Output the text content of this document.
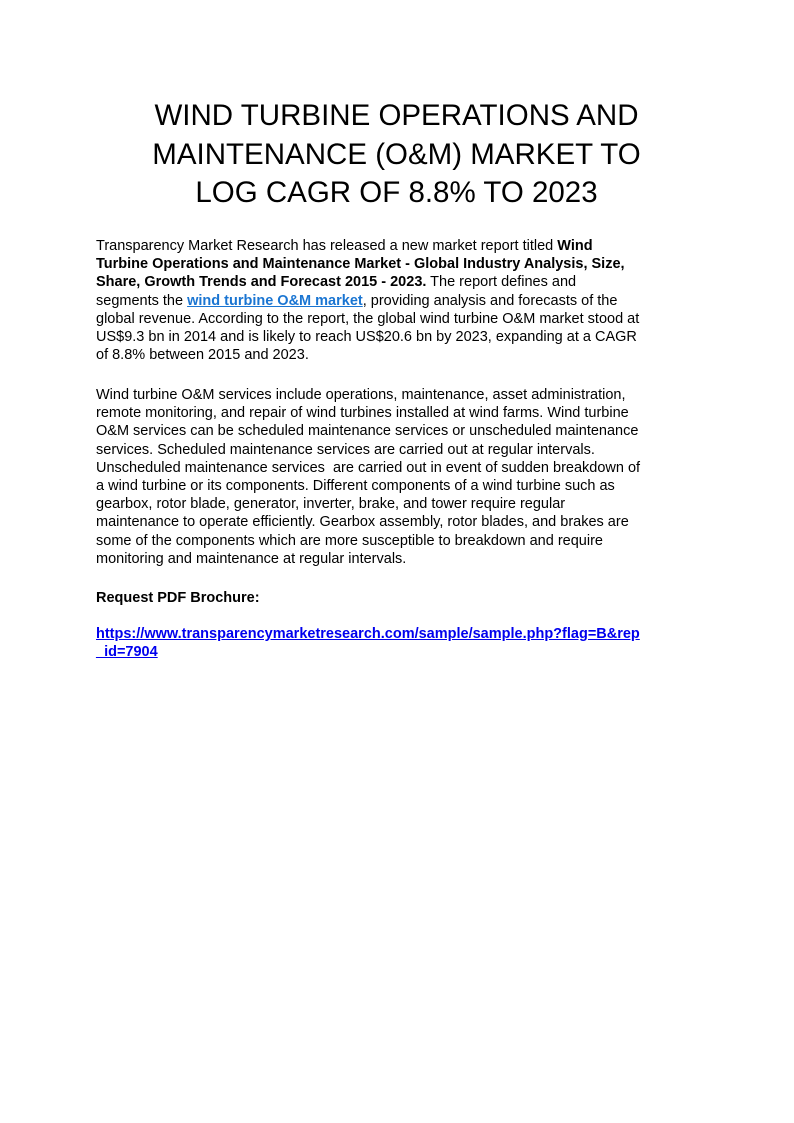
WIND TURBINE OPERATIONS AND
MAINTENANCE (O&M) MARKET TO
LOG CAGR OF 8.8% TO 2023

Transparency Market Research has released a new market report titled Wind
Turbine Operations and Maintenance Market - Global Industry Analysis, Size,
Share, Growth Trends and Forecast 2015 - 2023. The report defines and
segments the wind turbine O&M market, providing analysis and forecasts of the
global revenue. According to the report, the global wind turbine O&M market stood at
US$9.3 bn in 2014 and is likely to reach US$20.6 bn by 2023, expanding at a CAGR
of 8.8% between 2015 and 2023.

Wind turbine O&M services include operations, maintenance, asset administration,
remote monitoring, and repair of wind turbines installed at wind farms. Wind turbine
O&M services can be scheduled maintenance services or unscheduled maintenance
services. Scheduled maintenance services are carried out at regular intervals.
Unscheduled maintenance services  are carried out in event of sudden breakdown of
a wind turbine or its components. Different components of a wind turbine such as
gearbox, rotor blade, generator, inverter, brake, and tower require regular
maintenance to operate efficiently. Gearbox assembly, rotor blades, and brakes are
some of the components which are more susceptible to breakdown and require
monitoring and maintenance at regular intervals.

Request PDF Brochure:

https://www.transparencymarketresearch.com/sample/sample.php?flag=B&rep
_id=7904
